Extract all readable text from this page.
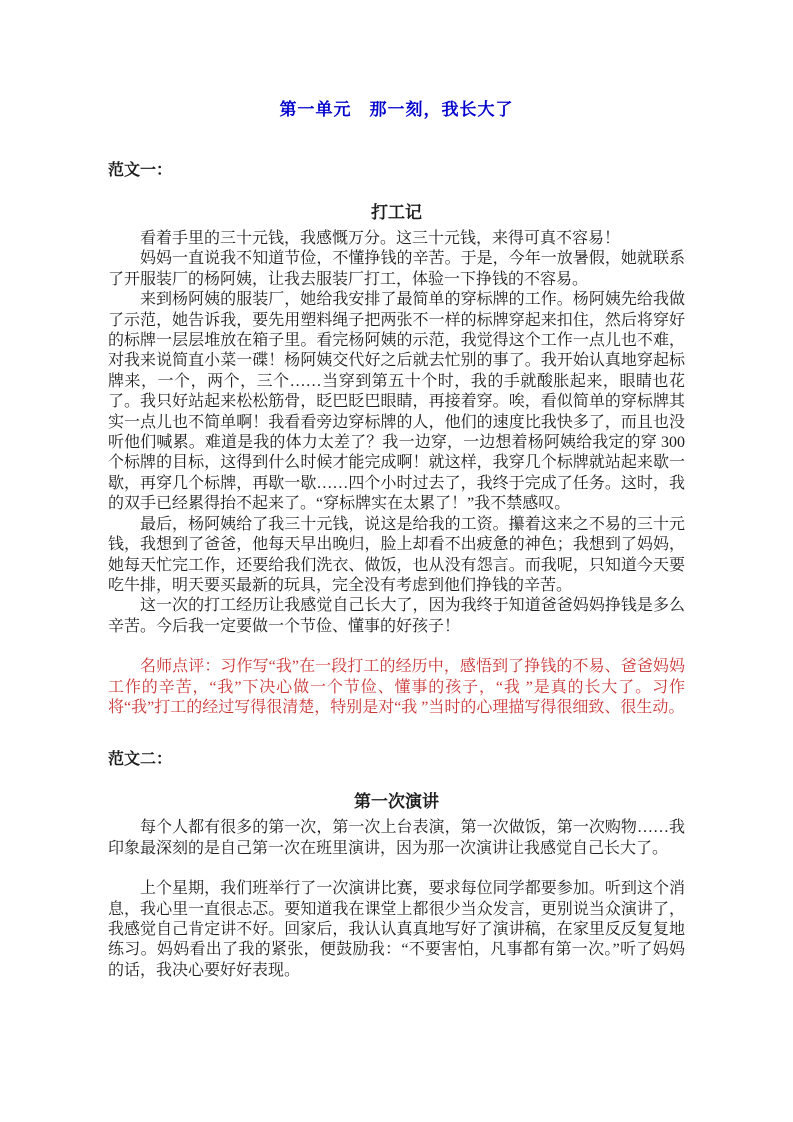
第一单元　那一刻，我长大了
范文一：
打工记

看着手里的三十元钱，我感慨万分。这三十元钱，来得可真不容易！

妈妈一直说我不知道节俭，不懂挣钱的辛苦。于是，今年一放暑假，她就联系了开服装厂的杨阿姨，让我去服装厂打工，体验一下挣钱的不容易。

来到杨阿姨的服装厂，她给我安排了最简单的穿标牌的工作。杨阿姨先给我做了示范，她告诉我，要先用塑料绳子把两张不一样的标牌穿起来扣住，然后将穿好的标牌一层层堆放在箱子里。看完杨阿姨的示范，我觉得这个工作一点儿也不难，对我来说简直小菜一碟！杨阿姨交代好之后就去忙别的事了。我开始认真地穿起标牌来，一个，两个，三个……当穿到第五十个时，我的手就酸胀起来，眼睛也花了。我只好站起来松松筋骨，眨巴眨巴眼睛，再接着穿。唉，看似简单的穿标牌其实一点儿也不简单啊！我看看旁边穿标牌的人，他们的速度比我快多了，而且也没听他们喊累。难道是我的体力太差了？我一边穿，一边想着杨阿姨给我定的穿 300 个标牌的目标，这得到什么时候才能完成啊！就这样，我穿几个标牌就站起来歇一歇，再穿几个标牌，再歇一歇……四个小时过去了，我终于完成了任务。这时，我的双手已经累得抬不起来了。“穿标牌实在太累了！”我不禁感叹。

最后，杨阿姨给了我三十元钱，说这是给我的工资。攥着这来之不易的三十元钱，我想到了爸爸，他每天早出晚归，脸上却看不出疲惫的神色；我想到了妈妈，她每天忙完工作，还要给我们洗衣、做饭，也从没有怨言。而我呢，只知道今天要吃牛排，明天要买最新的玩具，完全没有考虑到他们挣钱的辛苦。

这一次的打工经历让我感觉自己长大了，因为我终于知道爸爸妈妈挣钱是多么辛苦。今后我一定要做一个节俭、懂事的好孩子！

名师点评：习作写“我”在一段打工的经历中，感悟到了挣钱的不易、爸爸妈妈工作的辛苦，“我”下决心做一个节俭、懂事的孩子，“我 ”是真的长大了。习作将“我”打工的经过写得很清楚，特别是对“我 ”当时的心理描写得很细致、很生动。

范文二：
第一次演讲

每个人都有很多的第一次，第一次上台表演，第一次做饭，第一次购物……我印象最深刻的是自己第一次在班里演讲，因为那一次演讲让我感觉自己长大了。

上个星期，我们班举行了一次演讲比赛，要求每位同学都要参加。听到这个消息，我心里一直很忐忑。要知道我在课堂上都很少当众发言，更别说当众演讲了，我感觉自己肯定讲不好。回家后，我认认真真地写好了演讲稿，在家里反反复复地练习。妈妈看出了我的紧张，便鼓励我：“不要害怕，凡事都有第一次。”听了妈妈的话，我决心要好好表现。
